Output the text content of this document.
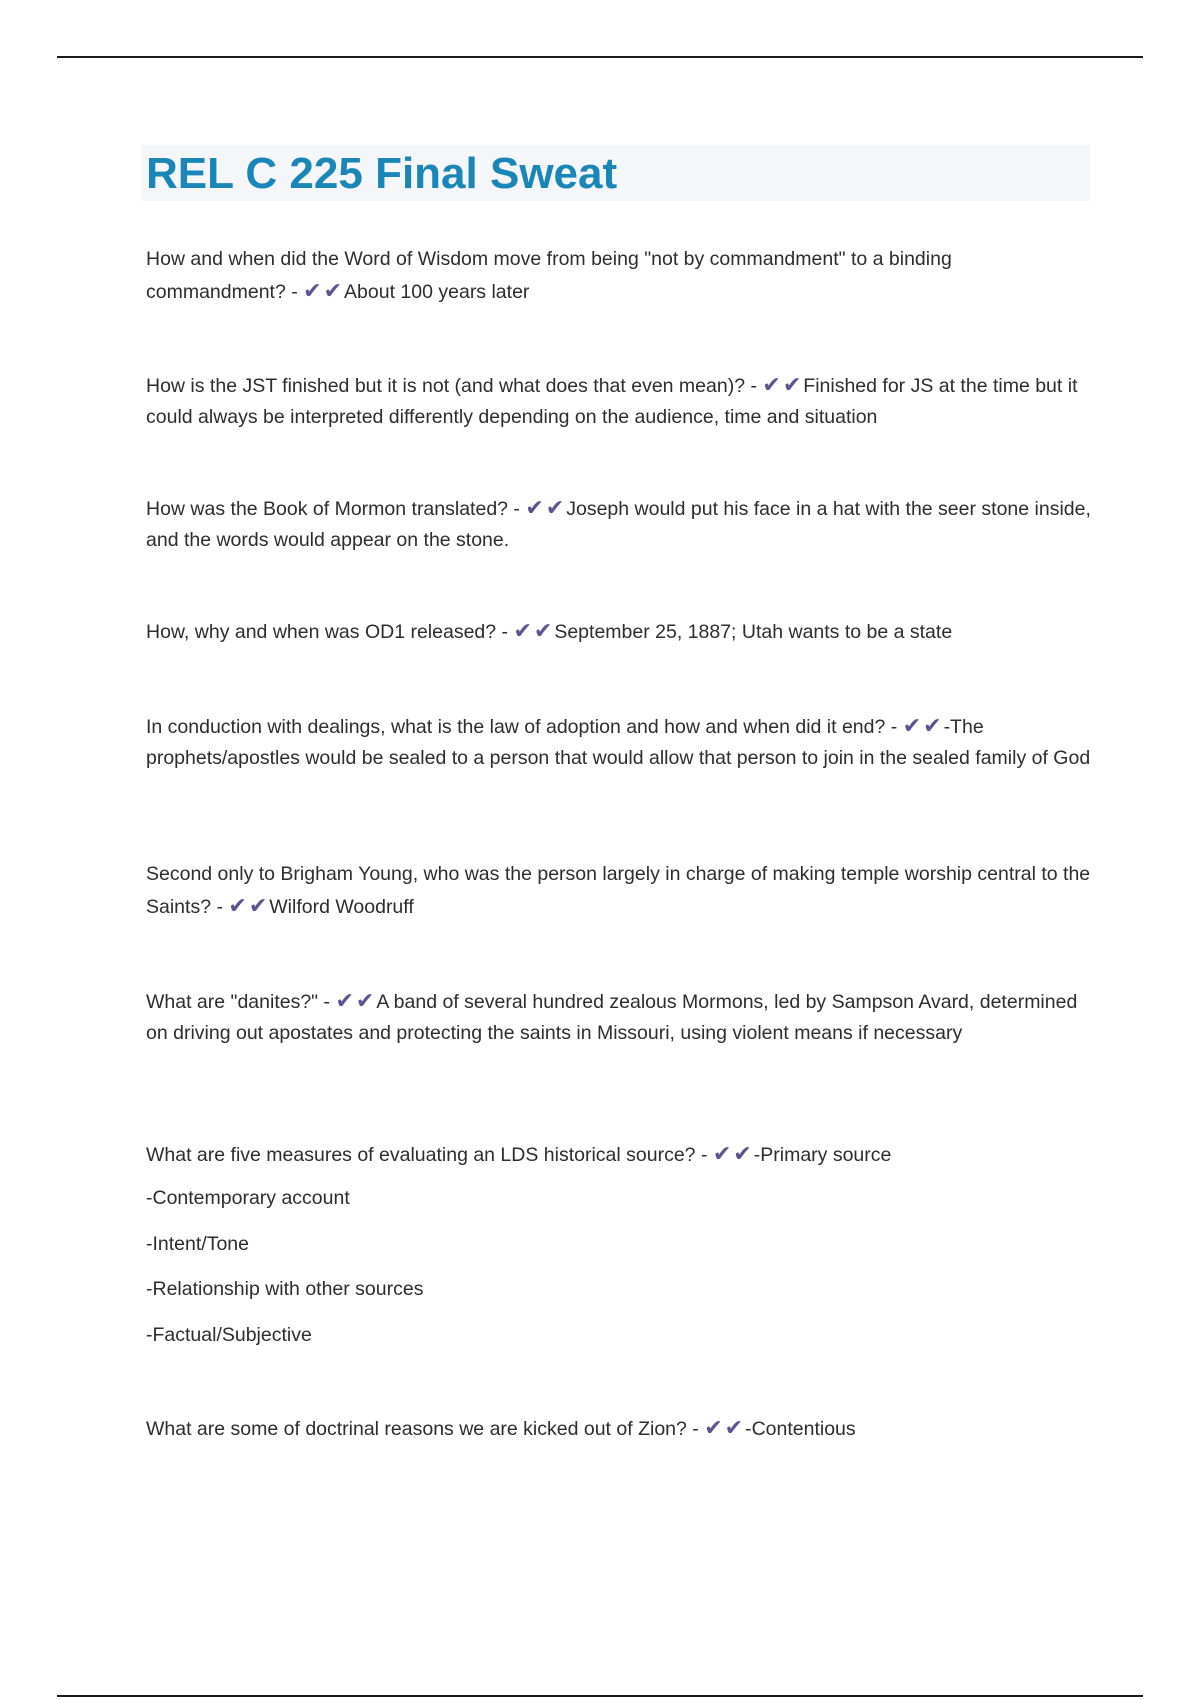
REL C 225 Final Sweat

How and when did the Word of Wisdom move from being "not by commandment" to a binding commandment? - ✔✔About 100 years later

How is the JST finished but it is not (and what does that even mean)? - ✔✔Finished for JS at the time but it could always be interpreted differently depending on the audience, time and situation

How was the Book of Mormon translated? - ✔✔Joseph would put his face in a hat with the seer stone inside, and the words would appear on the stone.

How, why and when was OD1 released? - ✔✔September 25, 1887; Utah wants to be a state

In conduction with dealings, what is the law of adoption and how and when did it end? - ✔✔-The prophets/apostles would be sealed to a person that would allow that person to join in the sealed family of God

Second only to Brigham Young, who was the person largely in charge of making temple worship central to the Saints? - ✔✔Wilford Woodruff

What are "danites?" - ✔✔A band of several hundred zealous Mormons, led by Sampson Avard, determined on driving out apostates and protecting the saints in Missouri, using violent means if necessary

What are five measures of evaluating an LDS historical source? - ✔✔-Primary source

-Contemporary account

-Intent/Tone

-Relationship with other sources

-Factual/Subjective

What are some of doctrinal reasons we are kicked out of Zion? - ✔✔-Contentious
